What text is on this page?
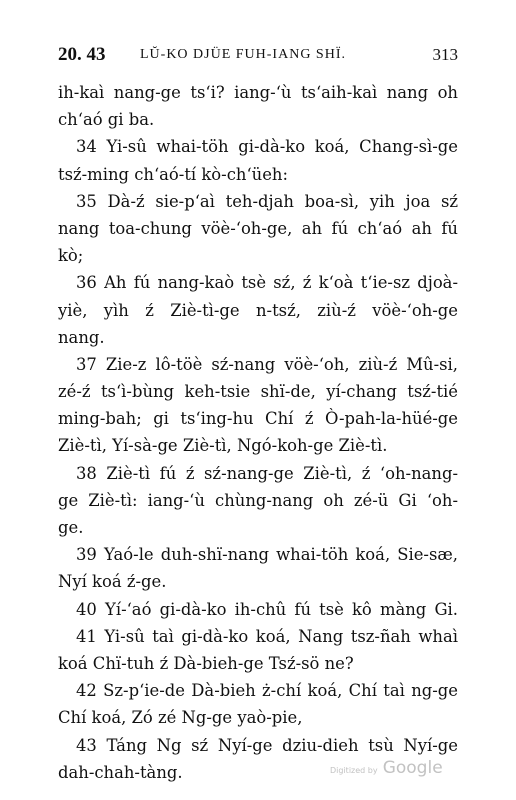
20. 43 LŬ-KO DJÜE FUH-IANG SHÏ.	313
ih-kaì nang-ge ts‘i? iang-‘ù ts‘aih-kaì nang oh
ch‘aó gi ba.
34 Yi-sû whai-töh gi-dà-ko koá, Chang-sì-ge
tsź-ming ch‘aó-tí kò-ch‘üeh:
35 Dà-ź sie-p‘aì teh-djah boa-sì, yih joa sź
nang toa-chung vöè-‘oh-ge, ah fú ch‘aó ah fú
kò;
36 Ah fú nang-kaò tsè sź, ź k‘oà t‘ie-sz djoà-
yiè, yìh ź Ziè-tì-ge n-tsź, ziù-ź vöè-‘oh-ge
nang.
37 Zie-z lô-töè sź-nang vöè-‘oh, ziù-ź Mû-si,
zé-ź ts‘ì-bùng keh-tsie shï-de, yí-chang tsź-tié
ming-bah; gi ts‘ing-hu Chí ź Ò-pah-la-hüé-ge
Ziè-tì, Yí-sà-ge Ziè-tì, Ngó-koh-ge Ziè-tì.
38 Ziè-tì fú ź sź-nang-ge Ziè-tì, ź ‘oh-nang-
ge Ziè-tì: iang-‘ù chùng-nang oh zé-ü Gi ‘oh-
ge.
39 Yaó-le duh-shï-nang whai-töh koá, Sie-sæ,
Nyí koá ź-ge.
40 Yí-‘aó gi-dà-ko ih-chû fú tsè kô màng Gi.
41 Yi-sû taì gi-dà-ko koá, Nang tsz-ñah whaì
koá Chï-tuh ź Dà-bieh-ge Tsź-sö ne?
42 Sz-p‘ie-de Dà-bieh ż-chí koá, Chí taì ng-ge
Chí koá, Zó zé Ng-ge yaò-pie,
43 Táng Ng sź Nyí-ge dziu-dieh tsù Nyí-ge
dah-chah-tàng.	Digitized by Google
